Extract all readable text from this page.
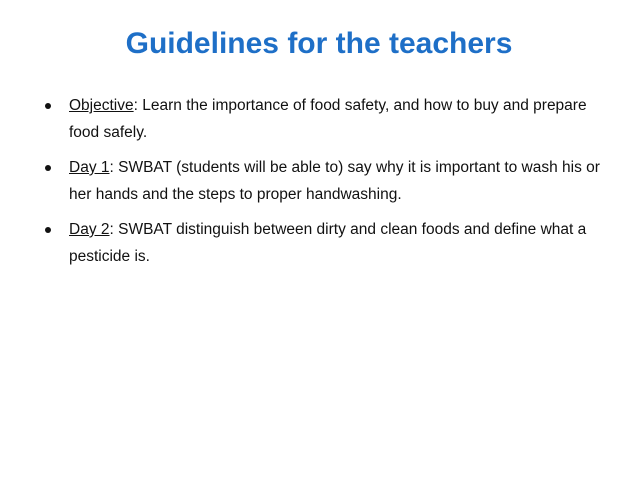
Guidelines for the teachers
Objective: Learn the importance of food safety, and how to buy and prepare food safely.
Day 1: SWBAT (students will be able to) say why it is important to wash his or her hands and the steps to proper handwashing.
Day 2: SWBAT distinguish between dirty and clean foods and define what a pesticide is.
